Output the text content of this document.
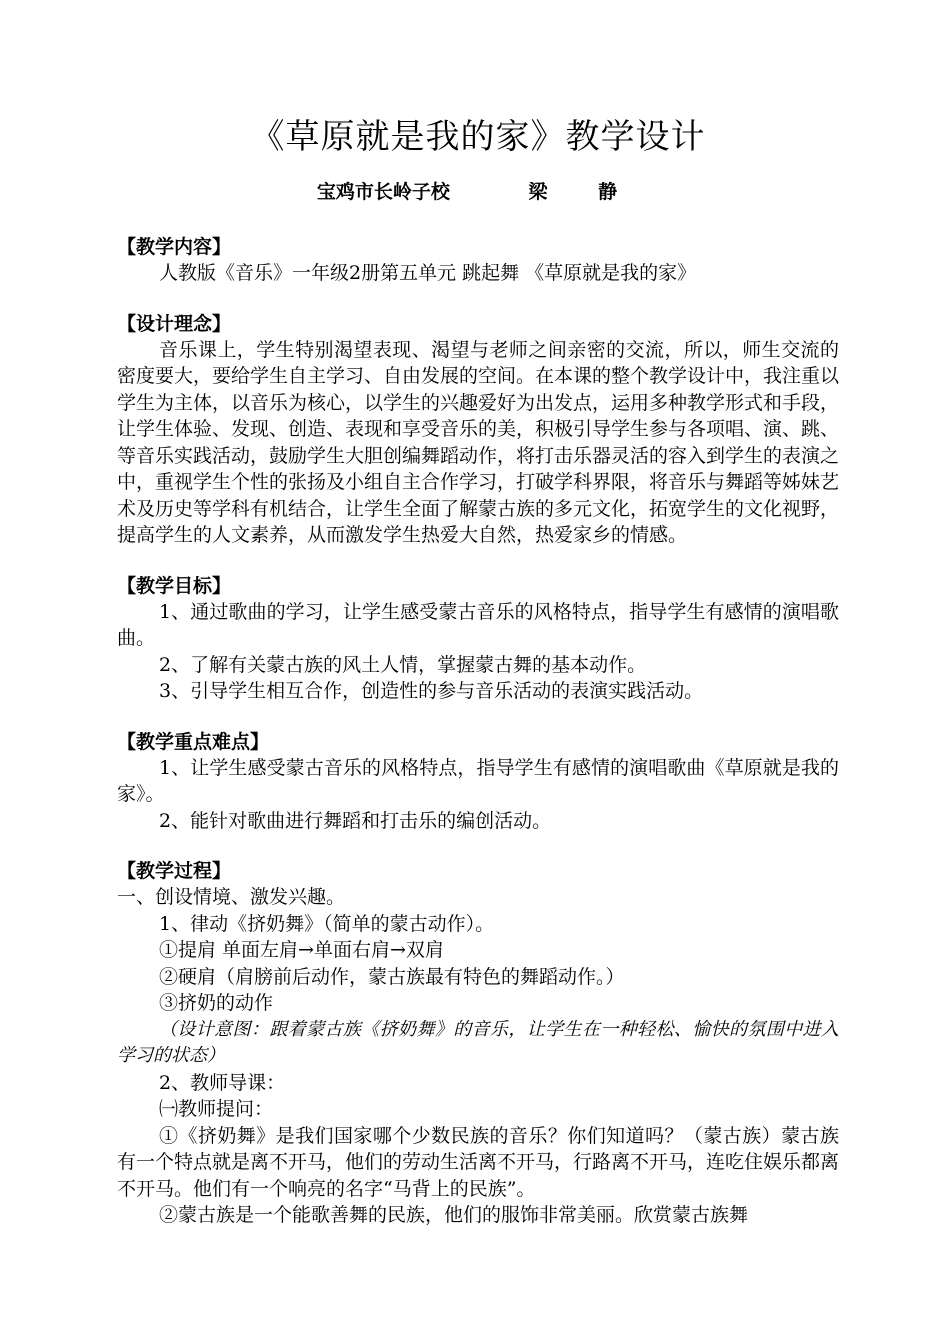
《草原就是我的家》教学设计
宝鸡市长岭子校	梁 静

【教学内容】

人教版《音乐》一年级2册第五单元 跳起舞 《草原就是我的家》

【设计理念】

音乐课上，学生特别渴望表现、渴望与老师之间亲密的交流，所以，师生交流的密度要大，要给学生自主学习、自由发展的空间。在本课的整个教学设计中，我注重以学生为主体，以音乐为核心，以学生的兴趣爱好为出发点，运用多种教学形式和手段，让学生体验、发现、创造、表现和享受音乐的美，积极引导学生参与各项唱、演、跳、等音乐实践活动，鼓励学生大胆创编舞蹈动作，将打击乐器灵活的容入到学生的表演之中，重视学生个性的张扬及小组自主合作学习，打破学科界限，将音乐与舞蹈等姊妹艺术及历史等学科有机结合，让学生全面了解蒙古族的多元文化，拓宽学生的文化视野，提高学生的人文素养，从而激发学生热爱大自然，热爱家乡的情感。

【教学目标】

1、通过歌曲的学习，让学生感受蒙古音乐的风格特点，指导学生有感情的演唱歌曲。

2、了解有关蒙古族的风土人情，掌握蒙古舞的基本动作。

3、引导学生相互合作，创造性的参与音乐活动的表演实践活动。

【教学重点难点】

1、让学生感受蒙古音乐的风格特点，指导学生有感情的演唱歌曲《草原就是我的家》。

2、能针对歌曲进行舞蹈和打击乐的编创活动。

【教学过程】

一、创设情境、激发兴趣。

1、律动《挤奶舞》（简单的蒙古动作）。

①提肩 单面左肩→单面右肩→双肩

②硬肩（肩膀前后动作，蒙古族最有特色的舞蹈动作。）

③挤奶的动作

（设计意图：跟着蒙古族《挤奶舞》的音乐，让学生在一种轻松、愉快的氛围中进入学习的状态）

2、教师导课：

㈠教师提问：

①《挤奶舞》是我们国家哪个少数民族的音乐？你们知道吗？（蒙古族）蒙古族有一个特点就是离不开马，他们的劳动生活离不开马，行路离不开马，连吃住娱乐都离不开马。他们有一个响亮的名字“马背上的民族”。

②蒙古族是一个能歌善舞的民族，他们的服饰非常美丽。欣赏蒙古族舞
